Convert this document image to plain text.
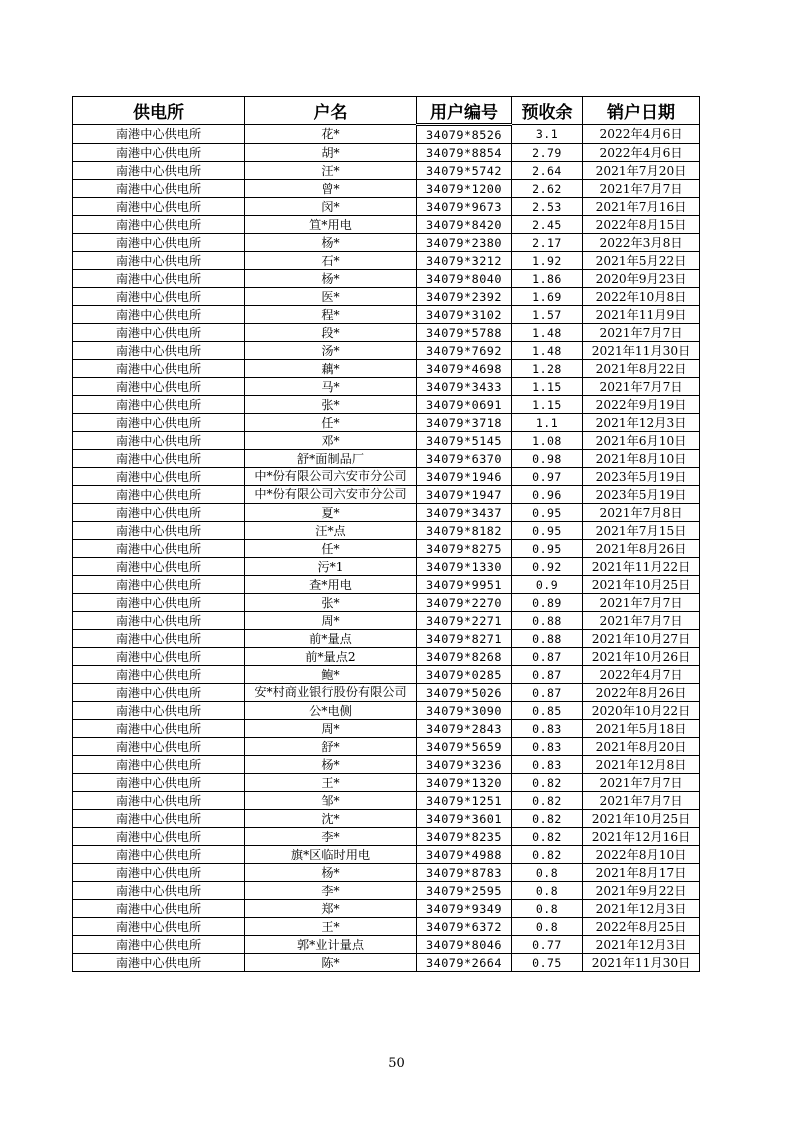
供电所	户名	用户编号	预收余	销户日期
南港中心供电所	花*	34079*8526	3.1	2022年4月6日
南港中心供电所	胡*	34079*8854	2.79	2022年4月6日
南港中心供电所	汪*	34079*5742	2.64	2021年7月20日
南港中心供电所	曾*	34079*1200	2.62	2021年7月7日
南港中心供电所	闵*	34079*9673	2.53	2021年7月16日
南港中心供电所	笪*用电	34079*8420	2.45	2022年8月15日
南港中心供电所	杨*	34079*2380	2.17	2022年3月8日
南港中心供电所	石*	34079*3212	1.92	2021年5月22日
南港中心供电所	杨*	34079*8040	1.86	2020年9月23日
南港中心供电所	医*	34079*2392	1.69	2022年10月8日
南港中心供电所	程*	34079*3102	1.57	2021年11月9日
南港中心供电所	段*	34079*5788	1.48	2021年7月7日
南港中心供电所	汤*	34079*7692	1.48	2021年11月30日
南港中心供电所	藕*	34079*4698	1.28	2021年8月22日
南港中心供电所	马*	34079*3433	1.15	2021年7月7日
南港中心供电所	张*	34079*0691	1.15	2022年9月19日
南港中心供电所	任*	34079*3718	1.1	2021年12月3日
南港中心供电所	邓*	34079*5145	1.08	2021年6月10日
南港中心供电所	舒*面制品厂	34079*6370	0.98	2021年8月10日
南港中心供电所	中*份有限公司六安市分公司	34079*1946	0.97	2023年5月19日
南港中心供电所	中*份有限公司六安市分公司	34079*1947	0.96	2023年5月19日
南港中心供电所	夏*	34079*3437	0.95	2021年7月8日
南港中心供电所	汪*点	34079*8182	0.95	2021年7月15日
南港中心供电所	任*	34079*8275	0.95	2021年8月26日
南港中心供电所	污*1	34079*1330	0.92	2021年11月22日
南港中心供电所	查*用电	34079*9951	0.9	2021年10月25日
南港中心供电所	张*	34079*2270	0.89	2021年7月7日
南港中心供电所	周*	34079*2271	0.88	2021年7月7日
南港中心供电所	前*量点	34079*8271	0.88	2021年10月27日
南港中心供电所	前*量点2	34079*8268	0.87	2021年10月26日
南港中心供电所	鲍*	34079*0285	0.87	2022年4月7日
南港中心供电所	安*村商业银行股份有限公司	34079*5026	0.87	2022年8月26日
南港中心供电所	公*电侧	34079*3090	0.85	2020年10月22日
南港中心供电所	周*	34079*2843	0.83	2021年5月18日
南港中心供电所	舒*	34079*5659	0.83	2021年8月20日
南港中心供电所	杨*	34079*3236	0.83	2021年12月8日
南港中心供电所	王*	34079*1320	0.82	2021年7月7日
南港中心供电所	邹*	34079*1251	0.82	2021年7月7日
南港中心供电所	沈*	34079*3601	0.82	2021年10月25日
南港中心供电所	李*	34079*8235	0.82	2021年12月16日
南港中心供电所	旗*区临时用电	34079*4988	0.82	2022年8月10日
南港中心供电所	杨*	34079*8783	0.8	2021年8月17日
南港中心供电所	李*	34079*2595	0.8	2021年9月22日
南港中心供电所	郑*	34079*9349	0.8	2021年12月3日
南港中心供电所	王*	34079*6372	0.8	2022年8月25日
南港中心供电所	郭*业计量点	34079*8046	0.77	2021年12月3日
南港中心供电所	陈*	34079*2664	0.75	2021年11月30日
50
